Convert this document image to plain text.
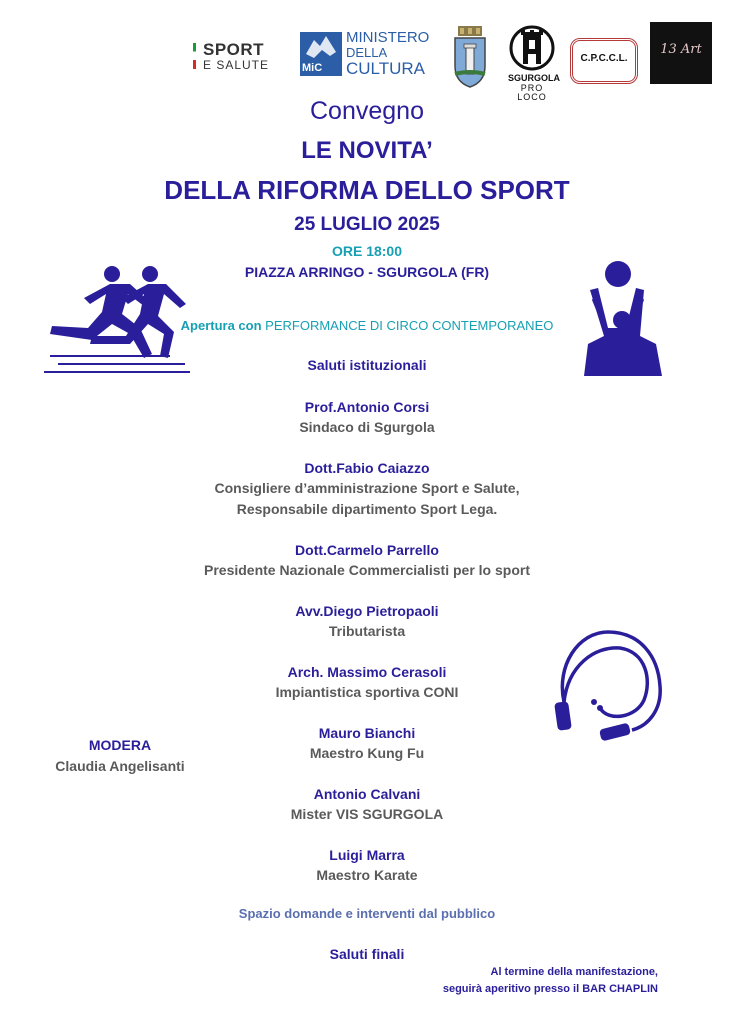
SPORT
E SALUTE	MiC
MINISTERO
DELLA
CULTURA	SGURGOLA
PRO LOCO
C.P.C.C.L.
13 Art
Convegno
LE NOVITA’
DELLA RIFORMA DELLO SPORT
25 LUGLIO 2025
ORE 18:00
PIAZZA ARRINGO - SGURGOLA (FR)
Apertura con PERFORMANCE DI CIRCO CONTEMPORANEO
Saluti istituzionali
Prof.Antonio Corsi
Sindaco di Sgurgola
Dott.Fabio Caiazzo
Consigliere d’amministrazione Sport e Salute,
Responsabile dipartimento Sport Lega.
Dott.Carmelo Parrello
Presidente Nazionale Commercialisti per lo sport
Avv.Diego Pietropaoli
Tributarista
Arch. Massimo Cerasoli
Impiantistica sportiva CONI
Mauro Bianchi
Maestro Kung Fu
Antonio Calvani
Mister VIS SGURGOLA
Luigi Marra
Maestro Karate
MODERA
Claudia Angelisanti
Spazio domande e interventi dal pubblico
Saluti finali
Al termine della manifestazione,
seguirà aperitivo presso il BAR CHAPLIN
